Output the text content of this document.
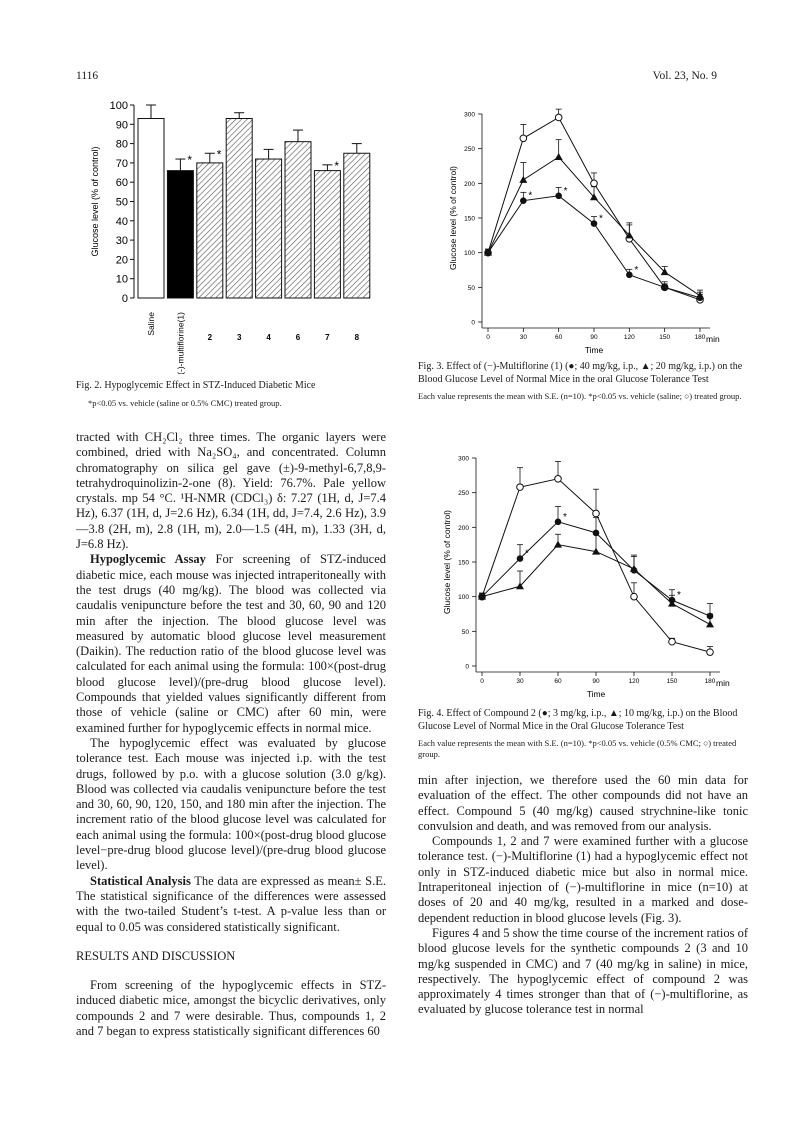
1116	Vol. 23, No. 9
0
10
20
30
40
50
60
70
80
90
100
Glucose level (% of control)
Saline
*
(-)-multiflorine(1)
*
2	3	4	6
*
7	8
Fig. 2. Hypoglycemic Effect in STZ-Induced Diabetic Mice
*p<0.05 vs. vehicle (saline or 0.5% CMC) treated group.
0
50
100
150
200
250
300
0	30	60	90	120	150	180 min
Time
Glucose level (% of control)	*	*
*
*
Fig. 3. Effect of (−)-Multiflorine (1) (●; 40 mg/kg, i.p., ▲; 20 mg/kg, i.p.) on the Blood Glucose Level of Normal Mice in the oral Glucose Tolerance Test
Each value represents the mean with S.E. (n=10). *p<0.05 vs. vehicle (saline; ○) treated group.
0
50
100
150
200
250
300
0	30	60	90	120	150	180 min
Time
Glucose level (% of control)	*
*
*
Fig. 4. Effect of Compound 2 (●; 3 mg/kg, i.p., ▲; 10 mg/kg, i.p.) on the Blood Glucose Level of Normal Mice in the Oral Glucose Tolerance Test
Each value represents the mean with S.E. (n=10). *p<0.05 vs. vehicle (0.5% CMC; ○) treated group.

tracted with CH₂Cl₂ three times. The organic layers were combined, dried with Na₂SO₄, and concentrated. Column chromatography on silica gel gave (±)-9-methyl-6,7,8,9-tetrahydroquinolizin-2-one (8). Yield: 76.7%. Pale yellow crystals. mp 54 °C. ¹H-NMR (CDCl₃) δ: 7.27 (1H, d, J=7.4 Hz), 6.37 (1H, d, J=2.6 Hz), 6.34 (1H, dd, J=7.4, 2.6 Hz), 3.9—3.8 (2H, m), 2.8 (1H, m), 2.0—1.5 (4H, m), 1.33 (3H, d, J=6.8 Hz).

Hypoglycemic Assay For screening of STZ-induced diabetic mice, each mouse was injected intraperitoneally with the test drugs (40 mg/kg). The blood was collected via caudalis venipuncture before the test and 30, 60, 90 and 120 min after the injection. The blood glucose level was measured by automatic blood glucose level measurement (Daikin). The reduction ratio of the blood glucose level was calculated for each animal using the formula: 100×(post-drug blood glucose level)/(pre-drug blood glucose level). Compounds that yielded values significantly different from those of vehicle (saline or CMC) after 60 min, were examined further for hypoglycemic effects in normal mice.

The hypoglycemic effect was evaluated by glucose tolerance test. Each mouse was injected i.p. with the test drugs, followed by p.o. with a glucose solution (3.0 g/kg). Blood was collected via caudalis venipuncture before the test and 30, 60, 90, 120, 150, and 180 min after the injection. The increment ratio of the blood glucose level was calculated for each animal using the formula: 100×(post-drug blood glucose level−pre-drug blood glucose level)/(pre-drug blood glucose level).

Statistical Analysis The data are expressed as mean± S.E. The statistical significance of the differences were assessed with the two-tailed Student’s t-test. A p-value less than or equal to 0.05 was considered statistically significant.

RESULTS AND DISCUSSION

From screening of the hypoglycemic effects in STZ-induced diabetic mice, amongst the bicyclic derivatives, only compounds 2 and 7 were desirable. Thus, compounds 1, 2 and 7 began to express statistically significant differences 60

min after injection, we therefore used the 60 min data for evaluation of the effect. The other compounds did not have an effect. Compound 5 (40 mg/kg) caused strychnine-like tonic convulsion and death, and was removed from our analysis.

Compounds 1, 2 and 7 were examined further with a glucose tolerance test. (−)-Multiflorine (1) had a hypoglycemic effect not only in STZ-induced diabetic mice but also in normal mice. Intraperitoneal injection of (−)-multiflorine in mice (n=10) at doses of 20 and 40 mg/kg, resulted in a marked and dose-dependent reduction in blood glucose levels (Fig. 3).

Figures 4 and 5 show the time course of the increment ratios of blood glucose levels for the synthetic compounds 2 (3 and 10 mg/kg suspended in CMC) and 7 (40 mg/kg in saline) in mice, respectively. The hypoglycemic effect of compound 2 was approximately 4 times stronger than that of (−)-multiflorine, as evaluated by glucose tolerance test in normal
